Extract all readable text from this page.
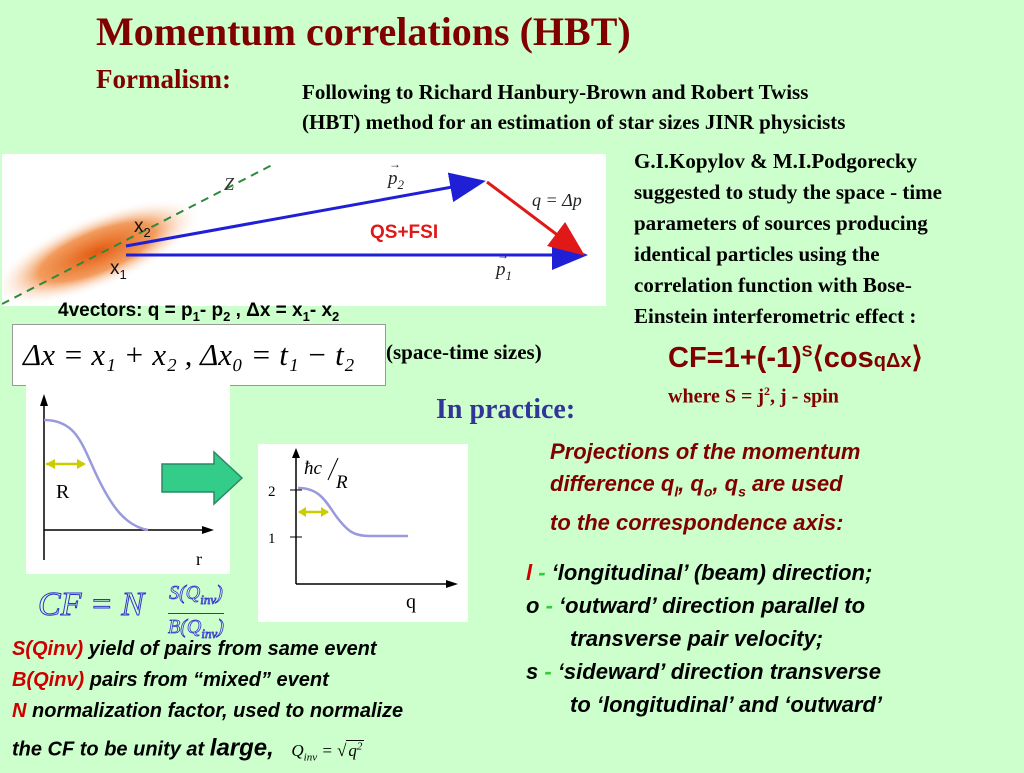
Momentum correlations (HBT)
Formalism:	Following to Richard Hanbury-Brown and Robert Twiss
(HBT) method for an estimation of star sizes JINR physicists
G.I.Kopylov & M.I.Podgorecky
suggested to study the space - time
parameters of sources producing
identical particles using the
correlation function with Bose-
Einstein interferometric effect :
Z
$x_2$
$x_1$
$p_2$
→
$p_1$
→
q = Δp
QS+FSI
4vectors: $q = p_1-$ $p_2$ , $\Delta x = x_1-$ $x_2$
Δx = x₁ + x₂ , Δx₀ = t₁ − t₂ (space-time sizes)	$CF=1+(-1)^S⟨\cos q\Delta x⟩$
where $S = j^2$, j - spin
In practice:
Projections of the momentum
difference $q_l$, $q_o$, $q_s$ are used
to the correspondence axis:
l - ‘longitudinal’ (beam) direction;
o - ‘outward’ direction parallel to
transverse pair velocity;
s - ‘sideward’ direction transverse
to ‘longitudinal’ and ‘outward’
R
r
2
1
ħc
R
q
CF = N $S(Q_{inv})$
$B(Q_{inv})$
S(Qinv) yield of pairs from same event
B(Qinv) pairs from “mixed” event
N normalization factor, used to normalize
the CF to be unity at large, $Q_{inv}$ = √ $q^2$
